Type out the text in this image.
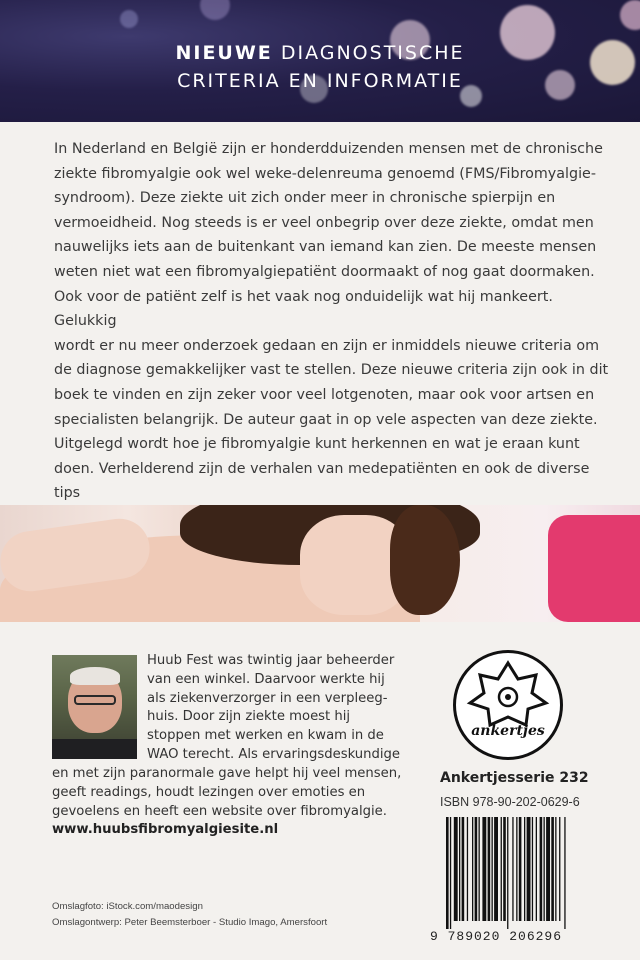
NIEUWE DIAGNOSTISCHE
CRITERIA EN INFORMATIE
In Nederland en België zijn er honderdduizenden mensen met de chronische
ziekte fibromyalgie ook wel weke-delenreuma genoemd (FMS/Fibromyalgie-
syndroom). Deze ziekte uit zich onder meer in chronische spierpijn en
vermoeidheid. Nog steeds is er veel onbegrip over deze ziekte, omdat men
nauwelijks iets aan de buitenkant van iemand kan zien. De meeste mensen
weten niet wat een fibromyalgiepatiënt doormaakt of nog gaat doormaken.
Ook voor de patiënt zelf is het vaak nog onduidelijk wat hij mankeert. Gelukkig
wordt er nu meer onderzoek gedaan en zijn er inmiddels nieuwe criteria om
de diagnose gemakkelijker vast te stellen. Deze nieuwe criteria zijn ook in dit
boek te vinden en zijn zeker voor veel lotgenoten, maar ook voor artsen en
specialisten belangrijk. De auteur gaat in op vele aspecten van deze ziekte.
Uitgelegd wordt hoe je fibromyalgie kunt herkennen en wat je eraan kunt
doen. Verhelderend zijn de verhalen van medepatiënten en ook de diverse tips
Huub Fest was twintig jaar beheerder
van een winkel. Daarvoor werkte hij
als ziekenverzorger in een verpleeg-
huis. Door zijn ziekte moest hij
stoppen met werken en kwam in de
WAO terecht. Als ervaringsdeskundige
en met zijn paranormale gave helpt hij veel mensen,
geeft readings, houdt lezingen over emoties en
gevoelens en heeft een website over fibromyalgie.
www.huubsfibromyalgiesite.nl
ankertjes
Ankertjesserie 232
ISBN 978-90-202-0629-6
9 789020 206296
Omslagfoto: iStock.com/maodesign
Omslagontwerp: Peter Beemsterboer - Studio Imago, Amersfoort
